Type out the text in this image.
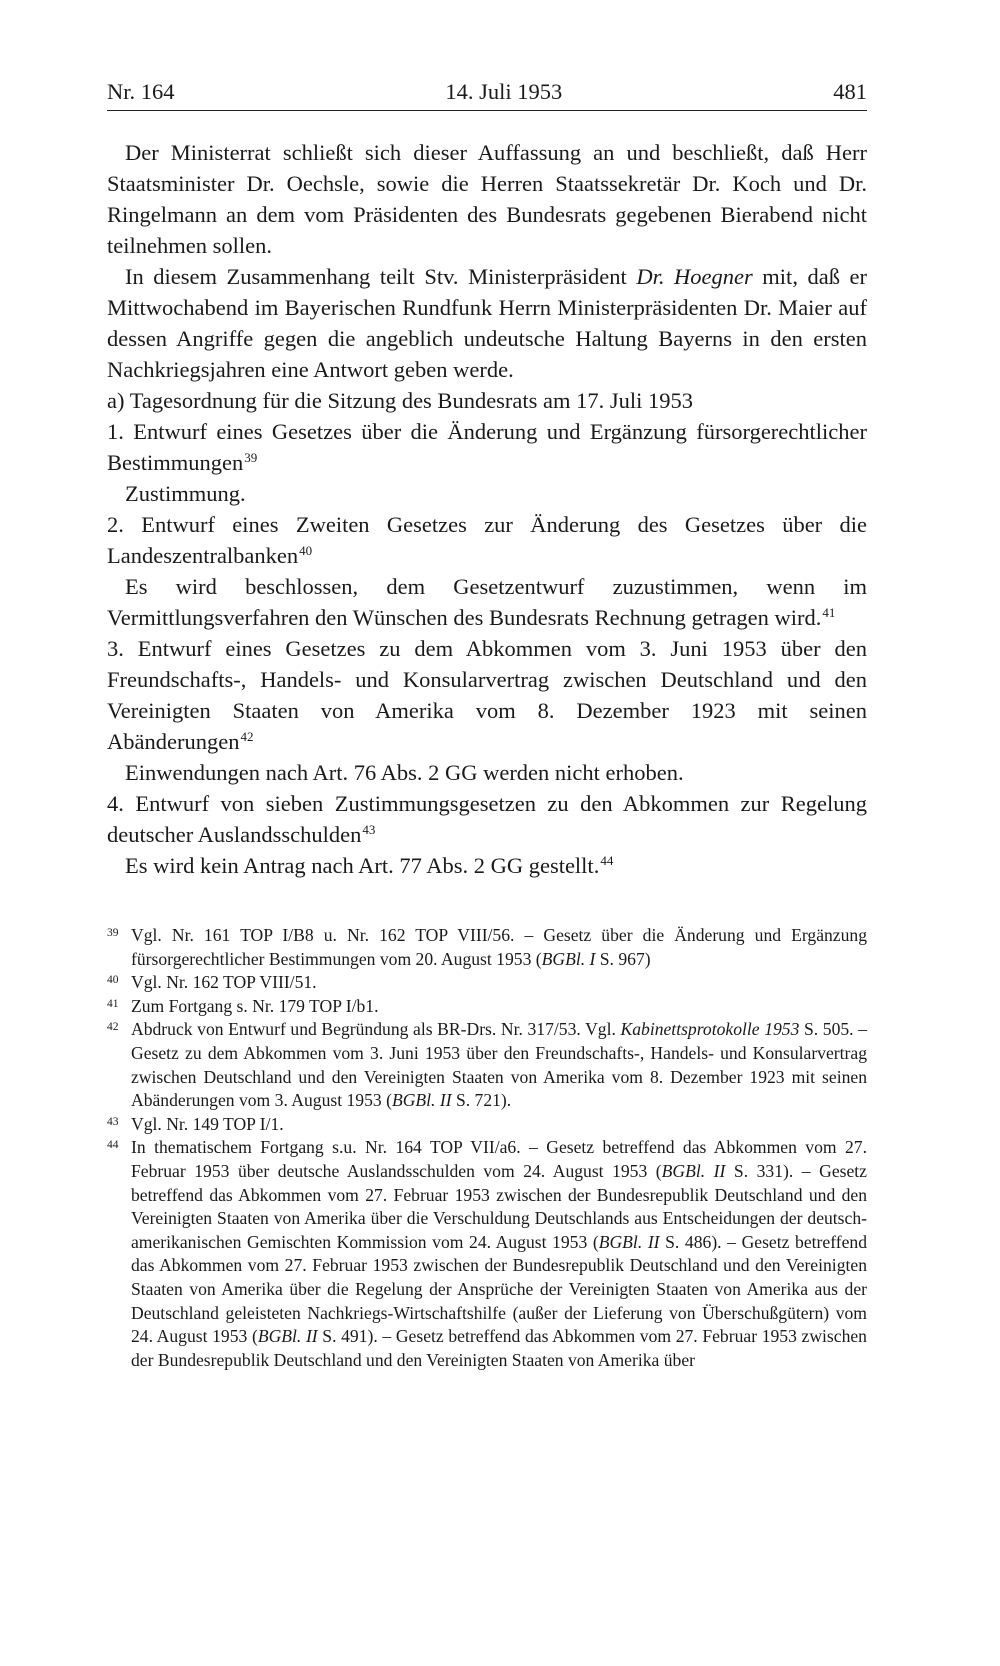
Nr. 164	14. Juli 1953	481

Der Ministerrat schließt sich dieser Auffassung an und beschließt, daß Herr Staatsminister Dr. Oechsle, sowie die Herren Staatssekretär Dr. Koch und Dr. Ringelmann an dem vom Präsidenten des Bundesrats gegebenen Bierabend nicht teilnehmen sollen.

In diesem Zusammenhang teilt Stv. Ministerpräsident Dr. Hoegner mit, daß er Mittwochabend im Bayerischen Rundfunk Herrn Ministerpräsidenten Dr. Maier auf dessen Angriffe gegen die angeblich undeutsche Haltung Bayerns in den ersten Nachkriegsjahren eine Antwort geben werde.

a) Tagesordnung für die Sitzung des Bundesrats am 17. Juli 1953

1. Entwurf eines Gesetzes über die Änderung und Ergänzung fürsorgerechtlicher Bestimmungen$^{39}$

Zustimmung.

2. Entwurf eines Zweiten Gesetzes zur Änderung des Gesetzes über die Landeszentralbanken$^{40}$

Es wird beschlossen, dem Gesetzentwurf zuzustimmen, wenn im Vermittlungsverfahren den Wünschen des Bundesrats Rechnung getragen wird.$^{41}$

3. Entwurf eines Gesetzes zu dem Abkommen vom 3. Juni 1953 über den Freundschafts-, Handels- und Konsularvertrag zwischen Deutschland und den Vereinigten Staaten von Amerika vom 8. Dezember 1923 mit seinen Abänderungen$^{42}$

Einwendungen nach Art. 76 Abs. 2 GG werden nicht erhoben.

4. Entwurf von sieben Zustimmungsgesetzen zu den Abkommen zur Regelung deutscher Auslandsschulden$^{43}$

Es wird kein Antrag nach Art. 77 Abs. 2 GG gestellt.$^{44}$

39 Vgl. Nr. 161 TOP I/B8 u. Nr. 162 TOP VIII/56. – Gesetz über die Änderung und Ergänzung fürsorgerechtlicher Bestimmungen vom 20. August 1953 (BGBl. I S. 967)
40 Vgl. Nr. 162 TOP VIII/51.
41 Zum Fortgang s. Nr. 179 TOP I/b1.
42 Abdruck von Entwurf und Begründung als BR-Drs. Nr. 317/53. Vgl. Kabinettsprotokolle 1953 S. 505. – Gesetz zu dem Abkommen vom 3. Juni 1953 über den Freundschafts-, Handels- und Konsularvertrag zwischen Deutschland und den Vereinigten Staaten von Amerika vom 8. Dezember 1923 mit seinen Abänderungen vom 3. August 1953 (BGBl. II S. 721).
43 Vgl. Nr. 149 TOP I/1.
44 In thematischem Fortgang s.u. Nr. 164 TOP VII/a6. – Gesetz betreffend das Abkommen vom 27. Februar 1953 über deutsche Auslandsschulden vom 24. August 1953 (BGBl. II S. 331). – Gesetz betreffend das Abkommen vom 27. Februar 1953 zwischen der Bundesrepublik Deutschland und den Vereinigten Staaten von Amerika über die Verschuldung Deutschlands aus Entscheidungen der deutsch-amerikanischen Gemischten Kommission vom 24. August 1953 (BGBl. II S. 486). – Gesetz betreffend das Abkommen vom 27. Februar 1953 zwischen der Bundesrepublik Deutschland und den Vereinigten Staaten von Amerika über die Regelung der Ansprüche der Vereinigten Staaten von Amerika aus der Deutschland geleisteten Nachkriegs-Wirtschaftshilfe (außer der Lieferung von Überschußgütern) vom 24. August 1953 (BGBl. II S. 491). – Gesetz betreffend das Abkommen vom 27. Februar 1953 zwischen der Bundesrepublik Deutschland und den Vereinigten Staaten von Amerika über
